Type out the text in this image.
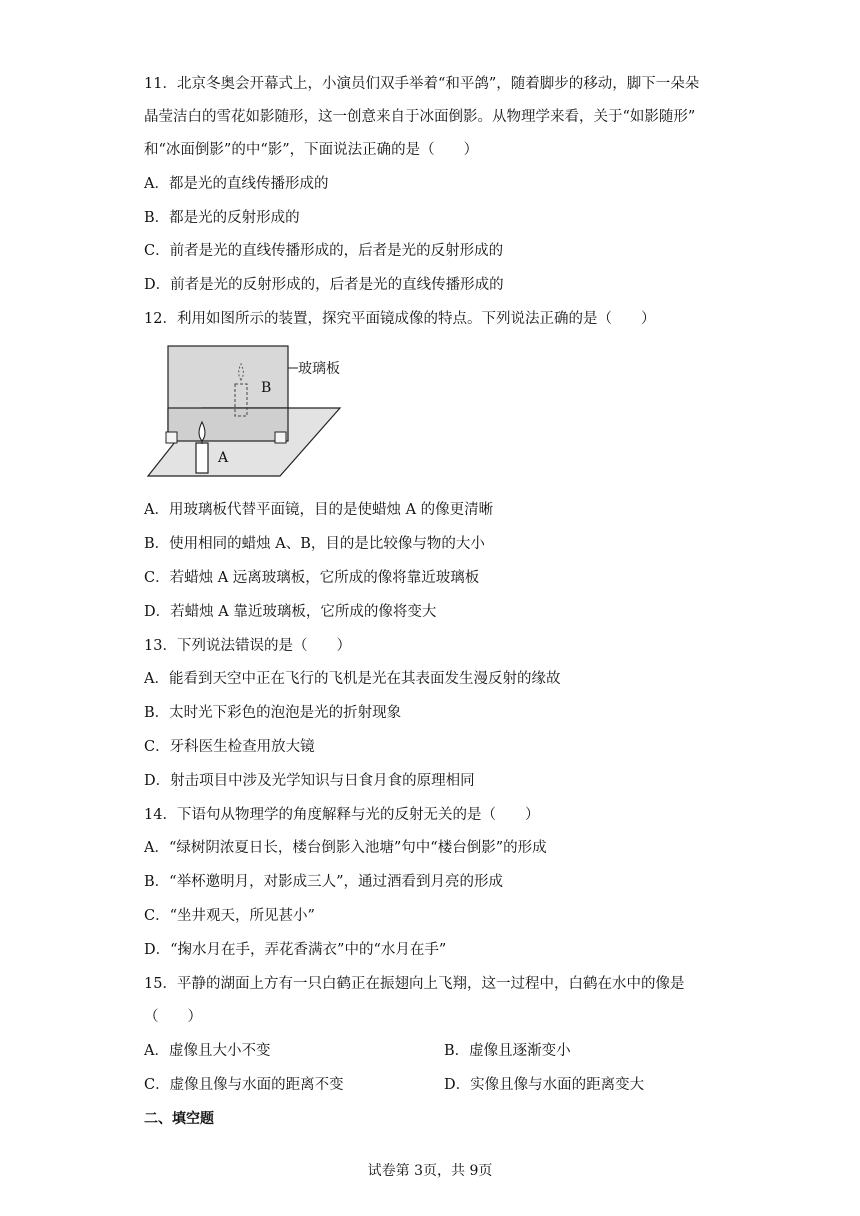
11．北京冬奥会开幕式上，小演员们双手举着“和平鸽”，随着脚步的移动，脚下一朵朵
晶莹洁白的雪花如影随形，这一创意来自于冰面倒影。从物理学来看，关于“如影随形”
和“冰面倒影”的中“影”，下面说法正确的是（　　）
A．都是光的直线传播形成的
B．都是光的反射形成的
C．前者是光的直线传播形成的，后者是光的反射形成的
D．前者是光的反射形成的，后者是光的直线传播形成的
12．利用如图所示的装置，探究平面镜成像的特点。下列说法正确的是（　　）
玻璃板
B
A
A．用玻璃板代替平面镜，目的是使蜡烛 A 的像更清晰
B．使用相同的蜡烛 A、B，目的是比较像与物的大小
C．若蜡烛 A 远离玻璃板，它所成的像将靠近玻璃板
D．若蜡烛 A 靠近玻璃板，它所成的像将变大
13．下列说法错误的是（　　）
A．能看到天空中正在飞行的飞机是光在其表面发生漫反射的缘故
B．太时光下彩色的泡泡是光的折射现象
C．牙科医生检查用放大镜
D．射击项目中涉及光学知识与日食月食的原理相同
14．下语句从物理学的角度解释与光的反射无关的是（　　）
A．“绿树阴浓夏日长，楼台倒影入池塘”句中“楼台倒影”的形成
B．“举杯邀明月，对影成三人”，通过酒看到月亮的形成
C．“坐井观天，所见甚小”
D．“掬水月在手，弄花香满衣”中的“水月在手”
15．平静的湖面上方有一只白鹤正在振翅向上飞翔，这一过程中，白鹤在水中的像是
（　　）
A．虚像且大小不变	B．虚像且逐渐变小
C．虚像且像与水面的距离不变	D．实像且像与水面的距离变大
二、填空题
试卷第 3页，共 9页
